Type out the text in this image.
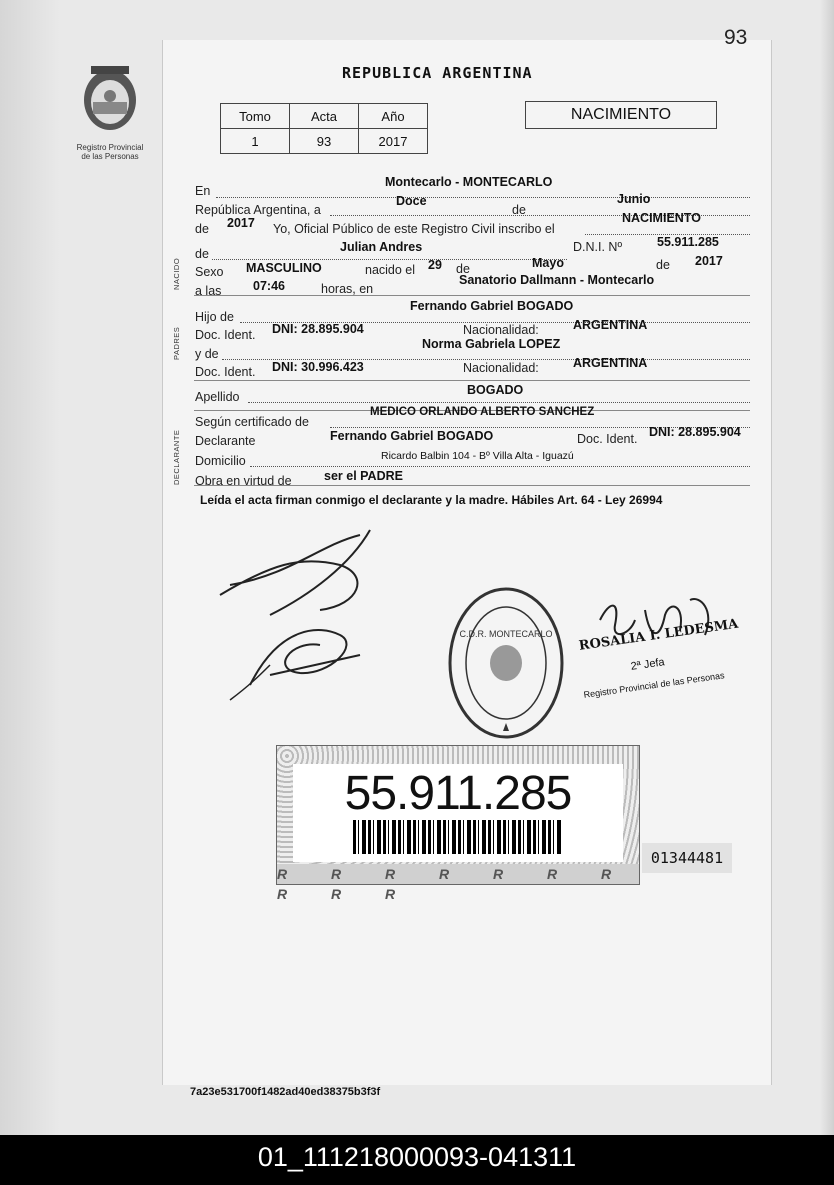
93
Registro Provincial
de las Personas
REPUBLICA ARGENTINA
Tomo	Acta	Año
1	93	2017
NACIMIENTO
NACIDO
PADRES
DECLARANTE
En
Montecarlo - MONTECARLO
República Argentina, a
Doce
de
Junio
de 2017 Yo, Oficial Público de este Registro Civil inscribo el
NACIMIENTO
de	Julian Andres	D.N.I. Nº	55.911.285
Sexo MASCULINO	nacido el 29 de	Mayo	de 2017
a las	07:46	horas, en
Sanatorio Dallmann - Montecarlo
Hijo de
Fernando Gabriel BOGADO
Doc. Ident. DNI: 28.895.904	Nacionalidad:	ARGENTINA
y de
Norma Gabriela LOPEZ
Doc. Ident. DNI: 30.996.423	Nacionalidad:	ARGENTINA
Apellido	BOGADO
Según certificado de
MEDICO ORLANDO ALBERTO SANCHEZ
Declarante	Fernando Gabriel BOGADO	Doc. Ident. DNI: 28.895.904
Domicilio	Ricardo Balbin 104 - Bº Villa Alta - Iguazú
Obra en virtud de	ser el PADRE
Leída el acta firman conmigo el declarante y la madre. Hábiles Art. 64 - Ley 26994
C.D.R. MONTECARLO ROSALIA I. LEDESMA
2ª Jefa
Registro Provincial de las Personas
55.911.285
R R R R R R R R R R
01344481
7a23e531700f1482ad40ed38375b3f3f
01_111218000093-041311
